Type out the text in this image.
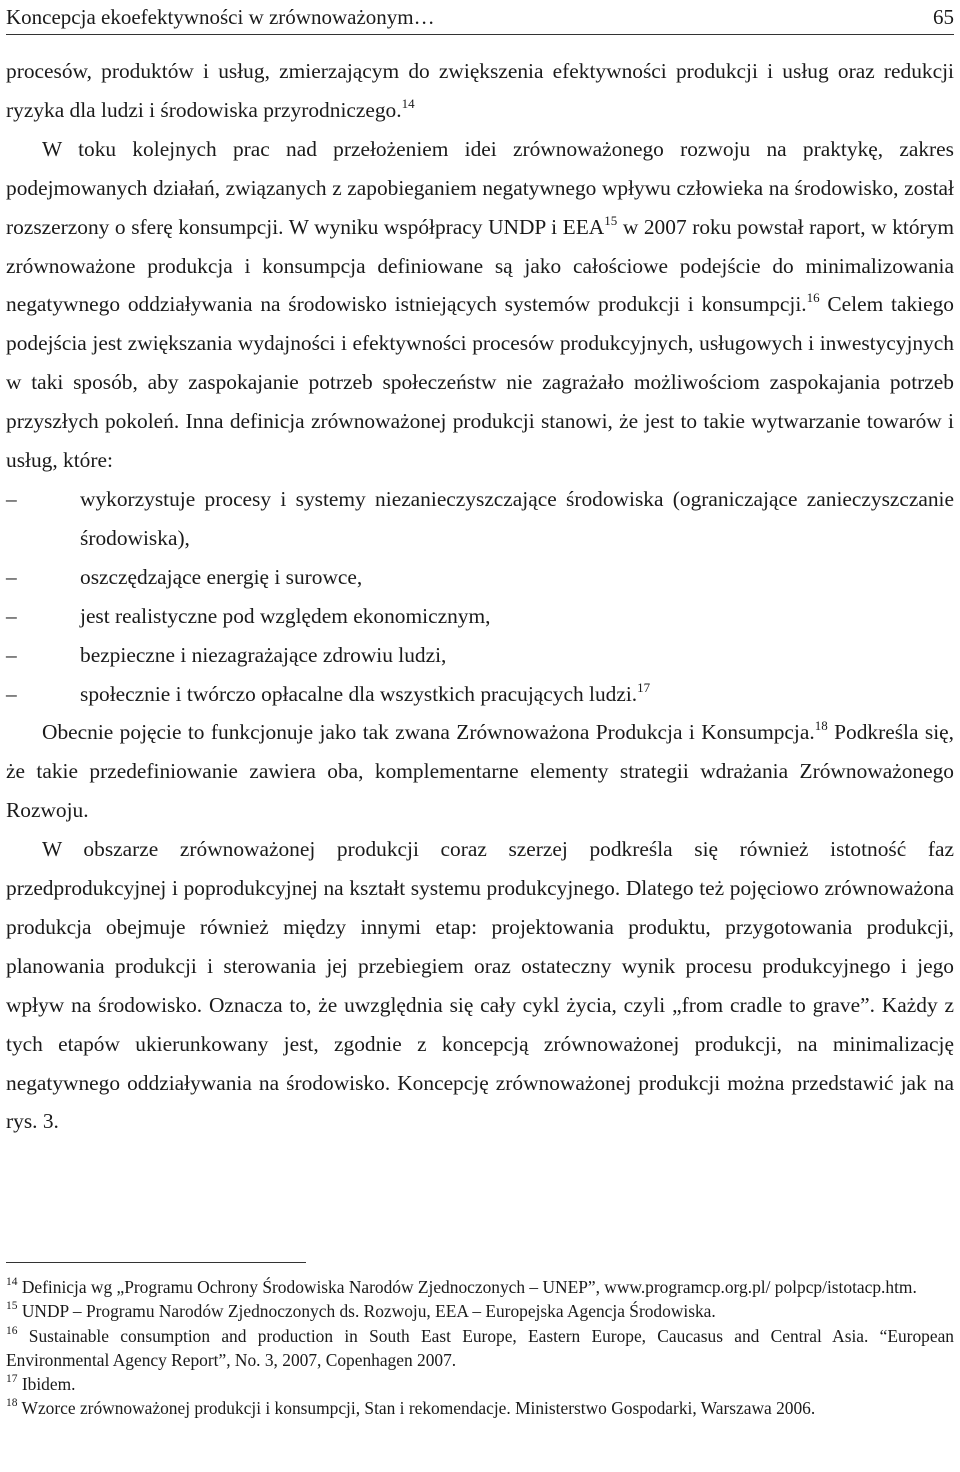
Koncepcja ekoefektywności w zrównoważonym…	65

procesów, produktów i usług, zmierzającym do zwiększenia efektywności produkcji i usług oraz redukcji ryzyka dla ludzi i środowiska przyrodniczego.$^{14}$

W toku kolejnych prac nad przełożeniem idei zrównoważonego rozwoju na praktykę, zakres podejmowanych działań, związanych z zapobieganiem negatywnego wpływu człowieka na środowisko, został rozszerzony o sferę konsumpcji. W wyniku współpracy UNDP i EEA$^{15}$ w 2007 roku powstał raport, w którym zrównoważone produkcja i konsumpcja definiowane są jako całościowe podejście do minimalizowania negatywnego oddziaływania na środowisko istniejących systemów produkcji i konsumpcji.$^{16}$ Celem takiego podejścia jest zwiększania wydajności i efektywności procesów produkcyjnych, usługowych i inwestycyjnych w taki sposób, aby zaspokajanie potrzeb społeczeństw nie zagrażało możliwościom zaspokajania potrzeb przyszłych pokoleń. Inna definicja zrównoważonej produkcji stanowi, że jest to takie wytwarzanie towarów i usług, które:

–	wykorzystuje procesy i systemy niezanieczyszczające środowiska (ograniczające zanieczyszczanie środowiska),
–	oszczędzające energię i surowce,
–	jest realistyczne pod względem ekonomicznym,
–	bezpieczne i niezagrażające zdrowiu ludzi,
–	społecznie i twórczo opłacalne dla wszystkich pracujących ludzi.$^{17}$

Obecnie pojęcie to funkcjonuje jako tak zwana Zrównoważona Produkcja i Konsumpcja.$^{18}$ Podkreśla się, że takie przedefiniowanie zawiera oba, komplementarne elementy strategii wdrażania Zrównoważonego Rozwoju.

W obszarze zrównoważonej produkcji coraz szerzej podkreśla się również istotność faz przedprodukcyjnej i poprodukcyjnej na kształt systemu produkcyjnego. Dlatego też pojęciowo zrównoważona produkcja obejmuje również między innymi etap: projektowania produktu, przygotowania produkcji, planowania produkcji i sterowania jej przebiegiem oraz ostateczny wynik procesu produkcyjnego i jego wpływ na środowisko. Oznacza to, że uwzględnia się cały cykl życia, czyli „from cradle to grave”. Każdy z tych etapów ukierunkowany jest, zgodnie z koncepcją zrównoważonej produkcji, na minimalizację negatywnego oddziaływania na środowisko. Koncepcję zrównoważonej produkcji można przedstawić jak na rys. 3.

$^{14}$ Definicja wg „Programu Ochrony Środowiska Narodów Zjednoczonych – UNEP”, www.programcp.org.pl/ polpcp/istotacp.htm.

$^{15}$ UNDP – Programu Narodów Zjednoczonych ds. Rozwoju, EEA – Europejska Agencja Środowiska.

$^{16}$ Sustainable consumption and production in South East Europe, Eastern Europe, Caucasus and Central Asia. “European Environmental Agency Report”, No. 3, 2007, Copenhagen 2007.

$^{17}$ Ibidem.

$^{18}$ Wzorce zrównoważonej produkcji i konsumpcji, Stan i rekomendacje. Ministerstwo Gospodarki, Warszawa 2006.
